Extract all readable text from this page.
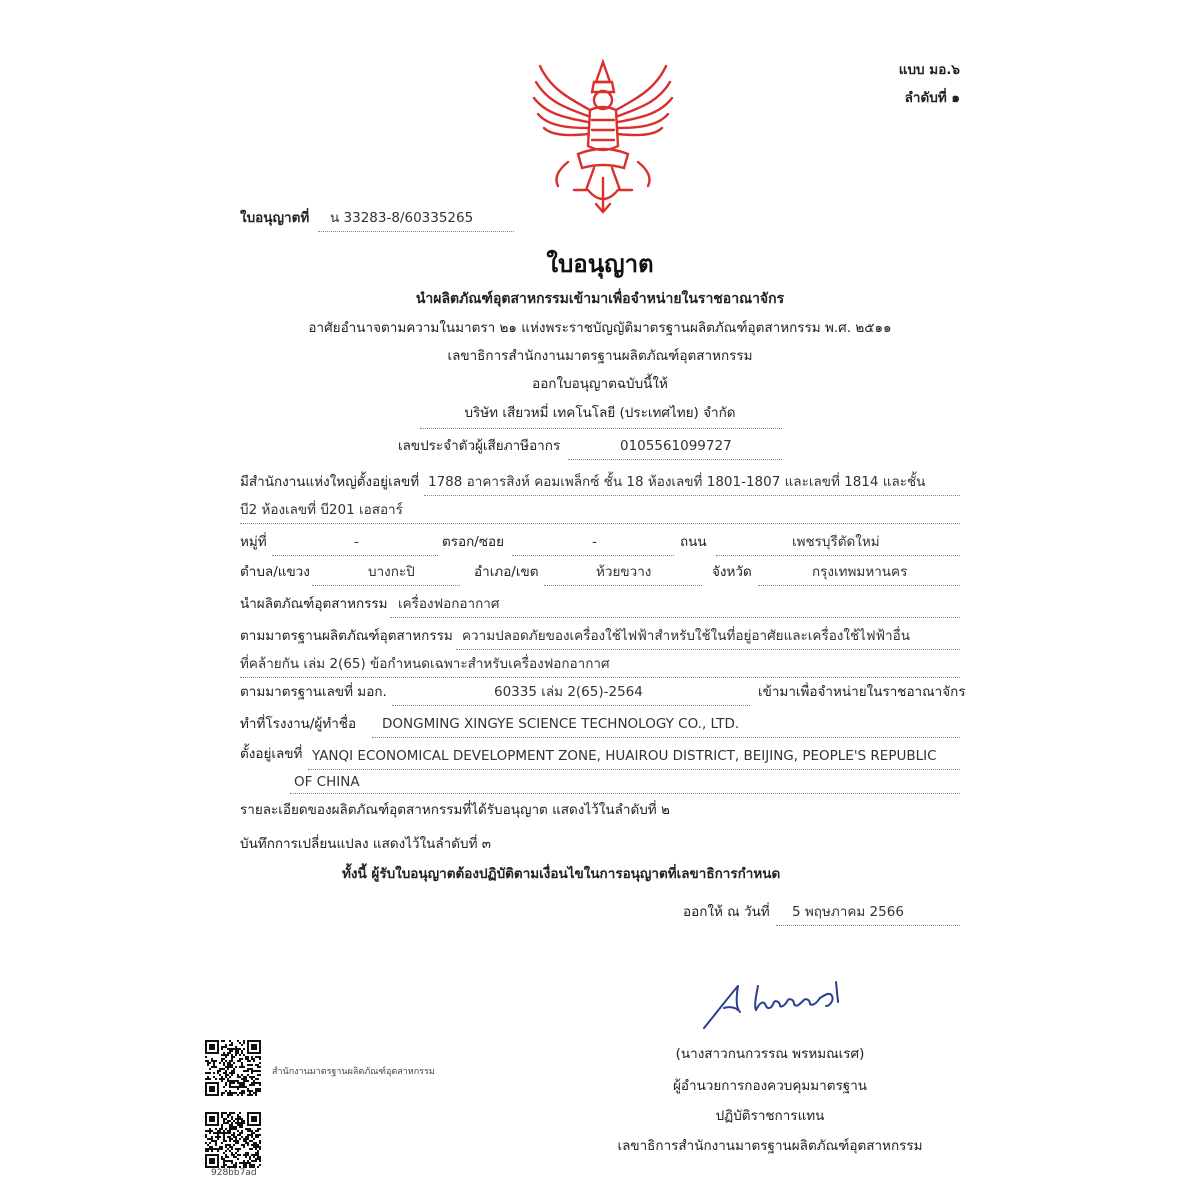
แบบ มอ.๖
ลำดับที่ ๑
ใบอนุญาตที่ น 33283-8/60335265
ใบอนุญาต
นำผลิตภัณฑ์อุตสาหกรรมเข้ามาเพื่อจำหน่ายในราชอาณาจักร
อาศัยอำนาจตามความในมาตรา ๒๑ แห่งพระราชบัญญัติมาตรฐานผลิตภัณฑ์อุตสาหกรรม พ.ศ. ๒๕๑๑
เลขาธิการสำนักงานมาตรฐานผลิตภัณฑ์อุตสาหกรรม
ออกใบอนุญาตฉบับนี้ให้
บริษัท เสียวหมี่ เทคโนโลยี (ประเทศไทย) จำกัด
เลขประจำตัวผู้เสียภาษีอากร	0105561099727
มีสำนักงานแห่งใหญ่ตั้งอยู่เลขที่ 1788 อาคารสิงห์ คอมเพล็กซ์ ชั้น 18 ห้องเลขที่ 1801-1807 และเลขที่ 1814 และชั้น
บี2 ห้องเลขที่ บี201 เอสอาร์
หมู่ที่	-	ตรอก/ซอย	-	ถนน	เพชรบุรีตัดใหม่
ตำบล/แขวง	บางกะปิ	อำเภอ/เขต	ห้วยขวาง	จังหวัด	กรุงเทพมหานคร
นำผลิตภัณฑ์อุตสาหกรรม เครื่องฟอกอากาศ
ตามมาตรฐานผลิตภัณฑ์อุตสาหกรรม ความปลอดภัยของเครื่องใช้ไฟฟ้าสำหรับใช้ในที่อยู่อาศัยและเครื่องใช้ไฟฟ้าอื่น
ที่คล้ายกัน เล่ม 2(65) ข้อกำหนดเฉพาะสำหรับเครื่องฟอกอากาศ
ตามมาตรฐานเลขที่ มอก.	60335 เล่ม 2(65)-2564	เข้ามาเพื่อจำหน่ายในราชอาณาจักร
ทำที่โรงงาน/ผู้ทำชื่อ DONGMING XINGYE SCIENCE TECHNOLOGY CO., LTD.
ตั้งอยู่เลขที่ YANQI ECONOMICAL DEVELOPMENT ZONE, HUAIROU DISTRICT, BEIJING, PEOPLE'S REPUBLIC
OF CHINA
รายละเอียดของผลิตภัณฑ์อุตสาหกรรมที่ได้รับอนุญาต แสดงไว้ในลำดับที่ ๒
บันทึกการเปลี่ยนแปลง แสดงไว้ในลำดับที่ ๓
ทั้งนี้ ผู้รับใบอนุญาตต้องปฏิบัติตามเงื่อนไขในการอนุญาตที่เลขาธิการกำหนด
ออกให้ ณ วันที่ 5 พฤษภาคม 2566
(นางสาวกนกวรรณ พรหมณเรศ)
ผู้อำนวยการกองควบคุมมาตรฐาน
ปฏิบัติราชการแทน
เลขาธิการสำนักงานมาตรฐานผลิตภัณฑ์อุตสาหกรรม
สำนักงานมาตรฐานผลิตภัณฑ์อุตสาหกรรม
928bb7ad
